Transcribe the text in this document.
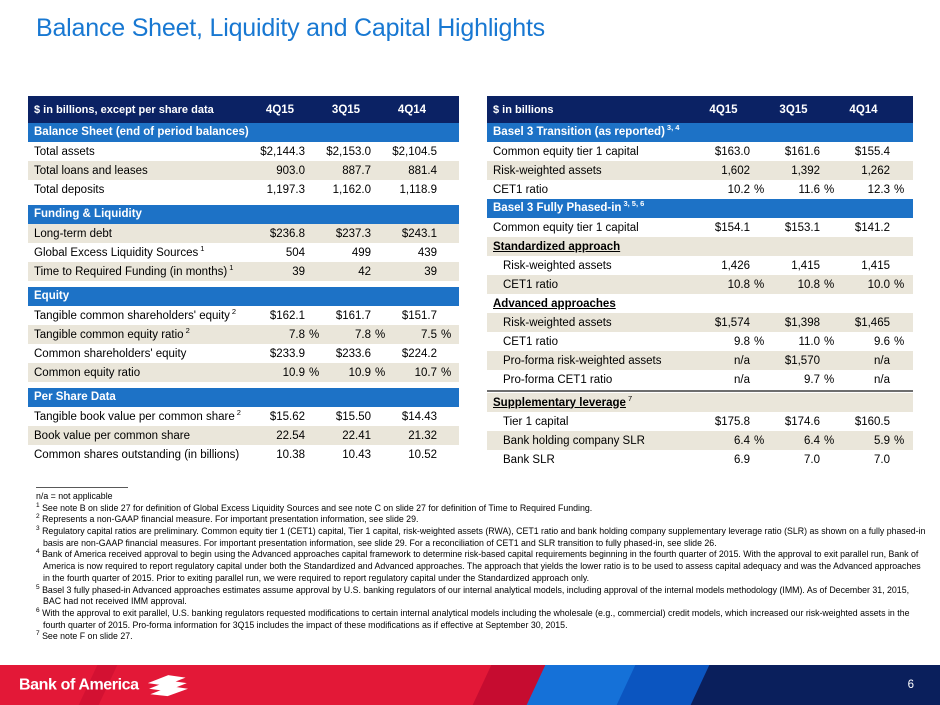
Balance Sheet, Liquidity and Capital Highlights
$ in billions, except per share data	4Q15	3Q15	4Q14
Balance Sheet (end of period balances)
Total assets	$2,144.3	$2,153.0	$2,104.5
Total loans and leases	903.0	887.7	881.4
Total deposits	1,197.3	1,162.0	1,118.9
Funding & Liquidity
Long-term debt	$236.8	$237.3	$243.1
Global Excess Liquidity Sources $^1$	504	499	439
Time to Required Funding (in months) $^1$	39	42	39
Equity
Tangible common shareholders' equity $^2$	$162.1	$161.7	$151.7
Tangible common equity ratio $^2$	7.8 %	7.8 %	7.5 %
Common shareholders' equity	$233.9	$233.6	$224.2
Common equity ratio	10.9 %	10.9 %	10.7 %
Per Share Data
Tangible book value per common share $^2$	$15.62	$15.50	$14.43
Book value per common share	22.54	22.41	21.32
Common shares outstanding (in billions)	10.38	10.43	10.52
$ in billions	4Q15	3Q15	4Q14
Basel 3 Transition (as reported) $^{3, 4}$
Common equity tier 1 capital	$163.0	$161.6	$155.4
Risk-weighted assets	1,602	1,392	1,262
CET1 ratio	10.2 %	11.6 %	12.3 %
Basel 3 Fully Phased-in $^{3, 5, 6}$
Common equity tier 1 capital	$154.1	$153.1	$141.2
Standardized approach
Risk-weighted assets	1,426	1,415	1,415
CET1 ratio	10.8 %	10.8 %	10.0 %
Advanced approaches
Risk-weighted assets	$1,574	$1,398	$1,465
CET1 ratio	9.8 %	11.0 %	9.6 %
Pro-forma risk-weighted assets	n/a	$1,570	n/a
Pro-forma CET1 ratio	n/a	9.7 %	n/a
Supplementary leverage $^7$
Tier 1 capital	$175.8	$174.6	$160.5
Bank holding company SLR	6.4 %	6.4 %	5.9 %
Bank SLR	6.9	7.0	7.0
n/a = not applicable
$^1$ See note B on slide 27 for definition of Global Excess Liquidity Sources and see note C on slide 27 for definition of Time to Required Funding.
$^2$ Represents a non-GAAP financial measure. For important presentation information, see slide 29.
$^3$ Regulatory capital ratios are preliminary. Common equity tier 1 (CET1) capital, Tier 1 capital, risk-weighted assets (RWA), CET1 ratio and bank holding company supplementary leverage ratio (SLR) as shown on a fully phased-in basis are non-GAAP financial measures. For important presentation information, see slide 29. For a reconciliation of CET1 and SLR transition to fully phased-in, see slide 26.
$^4$ Bank of America received approval to begin using the Advanced approaches capital framework to determine risk-based capital requirements beginning in the fourth quarter of 2015. With the approval to exit parallel run, Bank of America is now required to report regulatory capital under both the Standardized and Advanced approaches. The approach that yields the lower ratio is to be used to assess capital adequacy and was the Advanced approaches in the fourth quarter of 2015. Prior to exiting parallel run, we were required to report regulatory capital under the Standardized approach only.
$^5$ Basel 3 fully phased-in Advanced approaches estimates assume approval by U.S. banking regulators of our internal analytical models, including approval of the internal models methodology (IMM). As of December 31, 2015, BAC had not received IMM approval.
$^6$ With the approval to exit parallel, U.S. banking regulators requested modifications to certain internal analytical models including the wholesale (e.g., commercial) credit models, which increased our risk-weighted assets in the fourth quarter of 2015. Pro-forma information for 3Q15 includes the impact of these modifications as if effective at September 30, 2015.
$^7$ See note F on slide 27.
Bank of America	6
